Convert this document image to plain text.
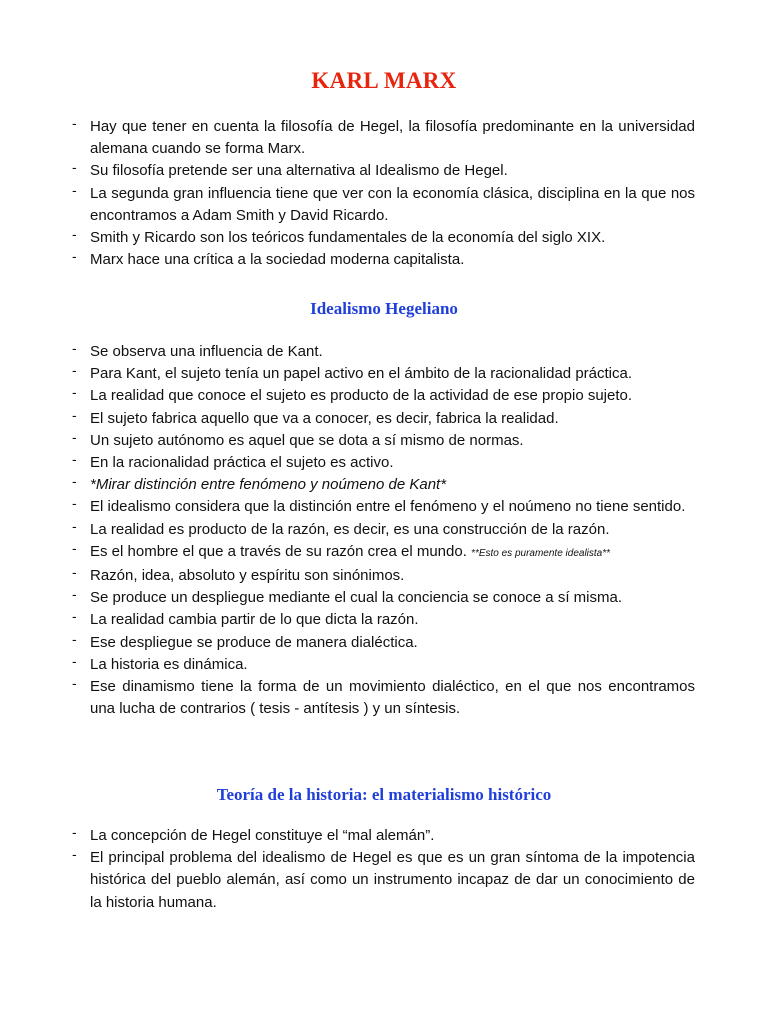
KARL MARX
- Hay que tener en cuenta la filosofía de Hegel, la filosofía predominante en la universidad alemana cuando se forma Marx.
- Su filosofía pretende ser una alternativa al Idealismo de Hegel.
- La segunda gran influencia tiene que ver con la economía clásica, disciplina en la que nos encontramos a Adam Smith y David Ricardo.
- Smith y Ricardo son los teóricos fundamentales de la economía del siglo XIX.
- Marx hace una crítica a la sociedad moderna capitalista.
Idealismo Hegeliano
- Se observa una influencia de Kant.
- Para Kant, el sujeto tenía un papel activo en el ámbito de la racionalidad práctica.
- La realidad que conoce el sujeto es producto de la actividad de ese propio sujeto.
- El sujeto fabrica aquello que va a conocer, es decir, fabrica la realidad.
- Un sujeto autónomo es aquel que se dota a sí mismo de normas.
- En la racionalidad práctica el sujeto es activo.
- *Mirar distinción entre fenómeno y noúmeno de Kant*
- El idealismo considera que la distinción entre el fenómeno y el noúmeno no tiene sentido.
- La realidad es producto de la razón, es decir, es una construcción de la razón.
- Es el hombre el que a través de su razón crea el mundo. **Esto es puramente idealista**
- Razón, idea, absoluto y espíritu son sinónimos.
- Se produce un despliegue mediante el cual la conciencia se conoce a sí misma.
- La realidad cambia partir de lo que dicta la razón.
- Ese despliegue se produce de manera dialéctica.
- La historia es dinámica.
- Ese dinamismo tiene la forma de un movimiento dialéctico, en el que nos encontramos una lucha de contrarios ( tesis - antítesis ) y un síntesis.
Teoría de la historia: el materialismo histórico
- La concepción de Hegel constituye el “mal alemán”.
- El principal problema del idealismo de Hegel es que es un gran síntoma de la impotencia histórica del pueblo alemán, así como un instrumento incapaz de dar un conocimiento de la historia humana.
